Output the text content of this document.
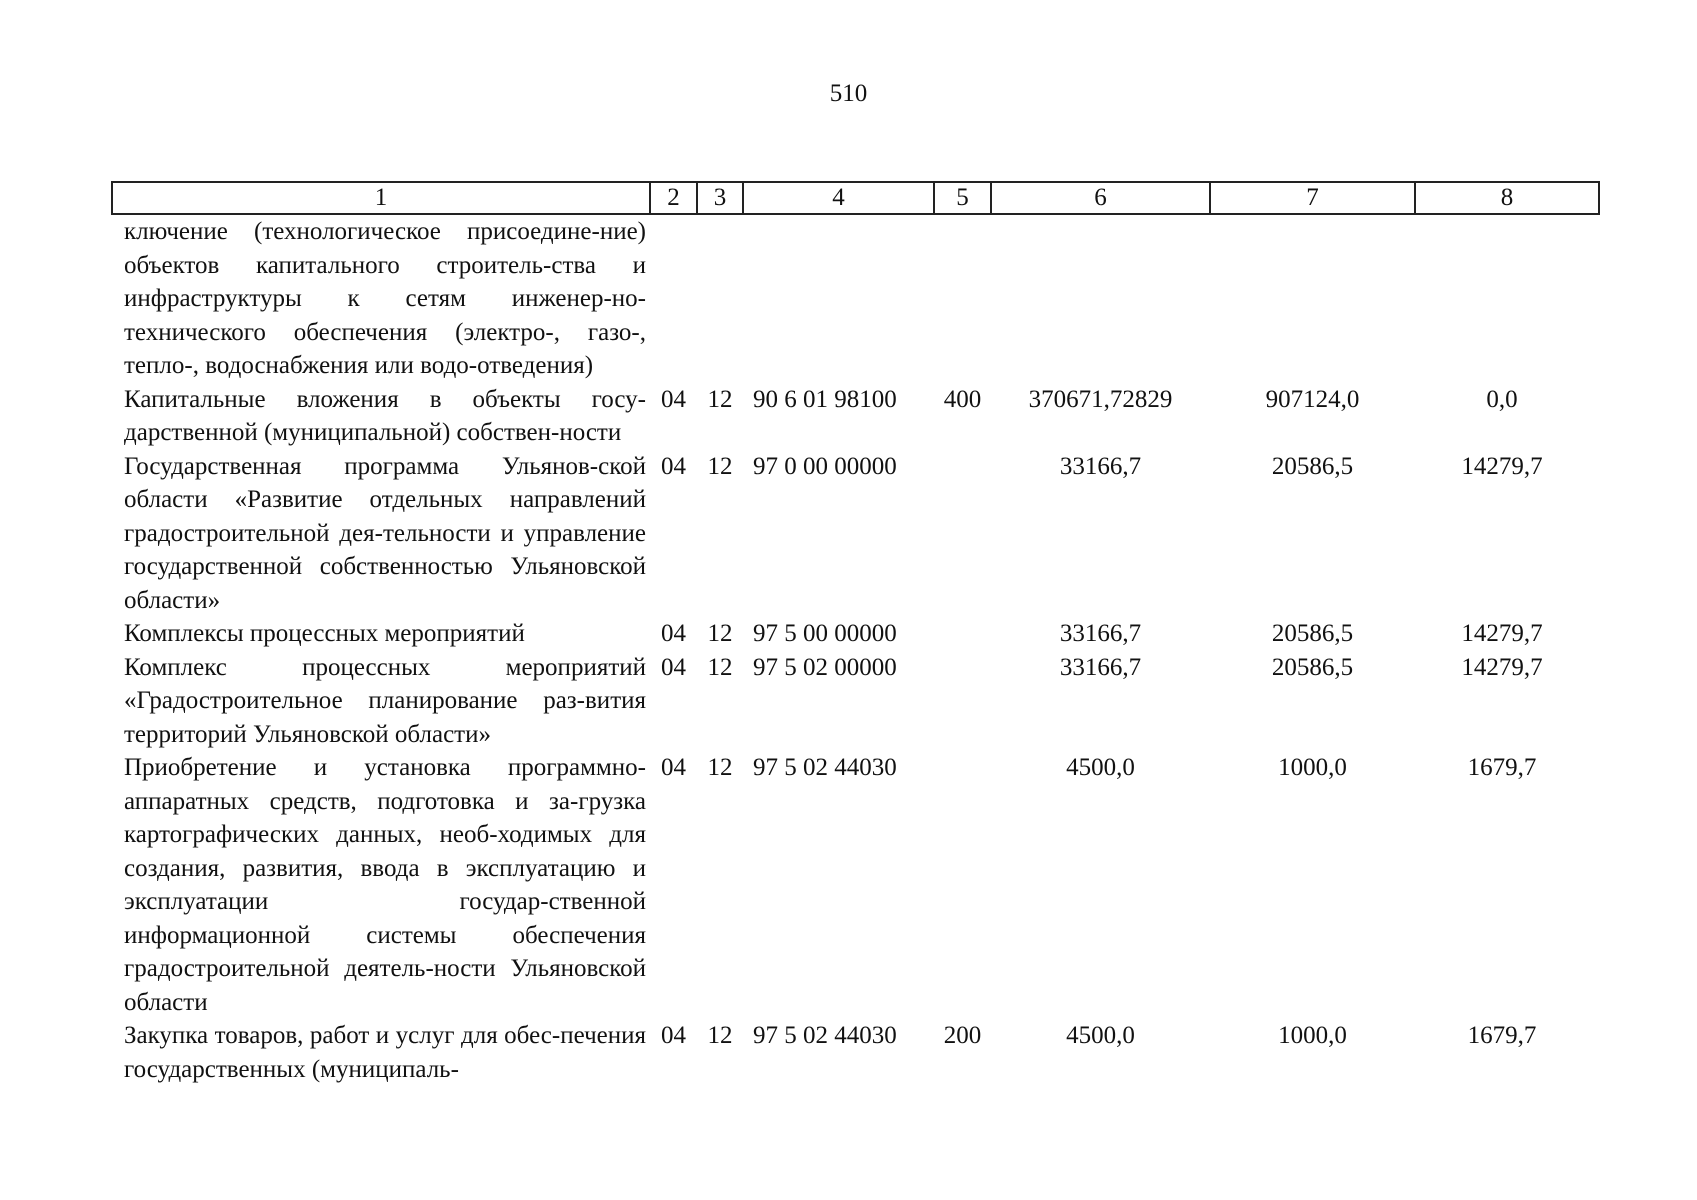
510
1	2	3	4	5	6	7	8
ключение (технологическое присоедине-ние) объектов капитального строитель-ства и инфраструктуры к сетям инженер-но-технического обеспечения (электро-, газо-, тепло-, водоснабжения или водо-отведения)							
Капитальные вложения в объекты госу-дарственной (муниципальной) собствен-ности	04	12	90 6 01 98100	400	370671,72829	907124,0	0,0
Государственная программа Ульянов-ской области «Развитие отдельных направлений градостроительной дея-тельности и управление государственной собственностью Ульяновской области»	04	12	97 0 00 00000		33166,7	20586,5	14279,7
Комплексы процессных мероприятий	04	12	97 5 00 00000		33166,7	20586,5	14279,7
Комплекс процессных мероприятий «Градостроительное планирование раз-вития территорий Ульяновской области»	04	12	97 5 02 00000		33166,7	20586,5	14279,7
Приобретение и установка программно-аппаратных средств, подготовка и за-грузка картографических данных, необ-ходимых для создания, развития, ввода в эксплуатацию и эксплуатации государ-ственной информационной системы обеспечения градостроительной деятель-ности Ульяновской области	04	12	97 5 02 44030		4500,0	1000,0	1679,7
Закупка товаров, работ и услуг для обес-печения государственных (муниципаль-	04	12	97 5 02 44030	200	4500,0	1000,0	1679,7
